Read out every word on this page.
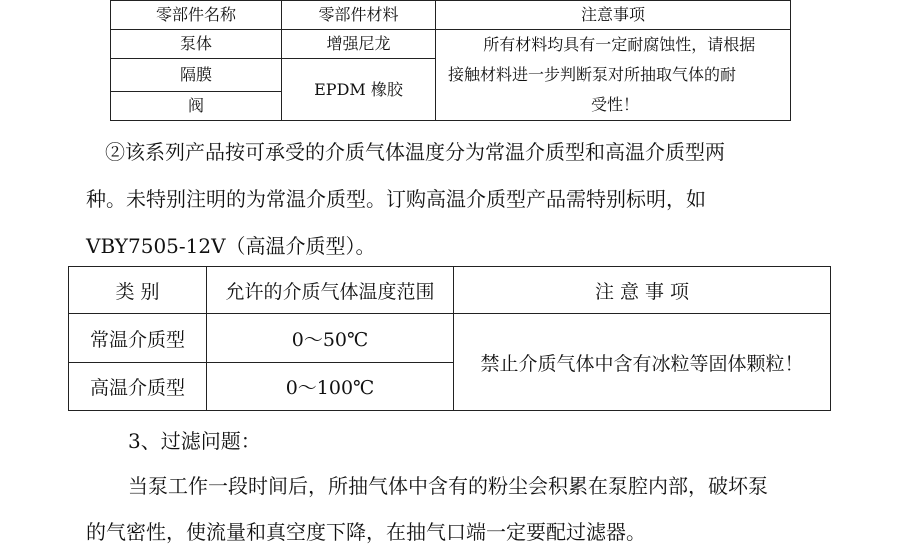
零部件名称	零部件材料	注意事项
泵体	增强尼龙	所有材料均具有一定耐腐蚀性，请根据
接触材料进一步判断泵对所抽取气体的耐
受性！

隔膜	EPDM 橡胶	
阀		

②该系列产品按可承受的介质气体温度分为常温介质型和高温介质型两

种。未特别注明的为常温介质型。订购高温介质型产品需特别标明，如

VBY7505-12V（高温介质型）。

类 别	允许的介质气体温度范围	注 意 事 项
常温介质型	0～50℃	禁止介质气体中含有冰粒等固体颗粒！
高温介质型	0～100℃	

3、过滤问题：

当泵工作一段时间后，所抽气体中含有的粉尘会积累在泵腔内部，破坏泵

的气密性，使流量和真空度下降，在抽气口端一定要配过滤器。
